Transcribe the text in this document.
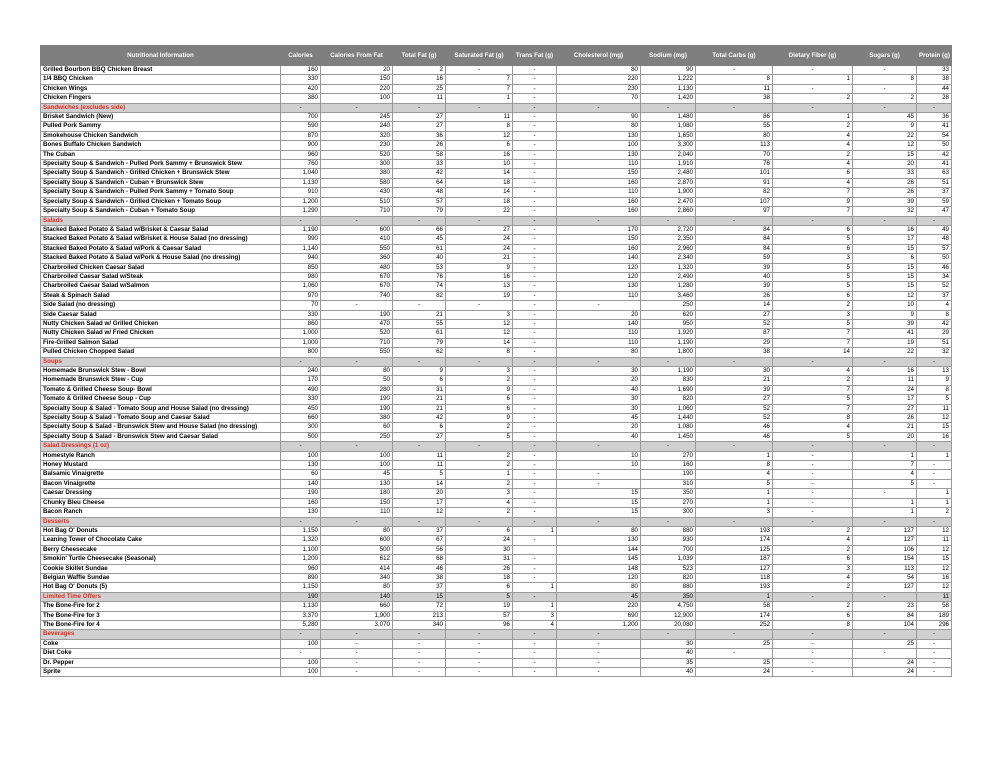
Nutritional Information	Calories	Calories From Fat	Total Fat (g)	Saturated Fat (g)	Trans Fat (g)	Cholesterol (mg)	Sodium (mg)	Total Carbs (g)	Dietary Fiber (g)	Sugars (g)	Protein (g)
Grilled Bourbon BBQ Chicken Breast	160	20	2	-	-	80	90	-	-	-	33
1/4 BBQ Chicken	330	150	16	7	-	220	1,222	8	1	8	38
Chicken Wings	420	220	25	7	-	230	1,130	11	-	-	44
Chicken Fingers	380	100	11	1	-	70	1,420	38	2	2	28
Sandwiches (excludes side)	-	-	-	-	-	-	-	-	-	-	-
Brisket Sandwich (New)	700	245	27	11	-	90	1,480	86	1	45	36
Pulled Pork Sammy	590	240	27	8	-	80	1,080	55	2	9	41
Smokehouse Chicken Sandwich	870	320	36	12	-	130	1,650	80	4	22	54
Bones Buffalo Chicken Sandwich	900	230	26	6	-	100	3,300	113	4	12	50
The Cuban	960	520	58	16	-	130	2,040	70	2	15	42
Specialty Soup & Sandwich - Pulled Pork Sammy + Brunswick Stew	760	300	33	10	-	110	1,910	76	4	20	41
Specialty Soup & Sandwich - Grilled Chicken + Brunswick Stew	1,040	380	42	14	-	150	2,480	101	6	33	63
Specialty Soup & Sandwich - Cuban + Brunswick Stew	1,130	580	64	18	-	160	2,870	91	4	26	51
Specialty Soup & Sandwich - Pulled Pork Sammy + Tomato Soup	910	430	48	14	-	110	1,900	82	7	26	37
Specialty Soup & Sandwich - Grilled Chicken + Tomato Soup	1,200	510	57	18	-	160	2,470	107	9	39	59
Specialty Soup & Sandwich - Cuban + Tomato Soup	1,290	710	79	22	-	160	2,860	97	7	32	47
Salads	-	-	-	-	-	-	-	-	-	-	-
Stacked Baked Potato & Salad w/Brisket & Caesar Salad	1,190	600	66	27	-	170	2,720	84	6	16	49
Stacked Baked Potato & Salad w/Brisket & House Salad (no dressing)	990	410	45	24	-	150	2,350	84	5	17	48
Stacked Baked Potato & Salad w/Pork & Caesar Salad	1,140	550	61	24	-	160	2,960	84	6	15	57
Stacked Baked Potato & Salad w/Pork & House Salad (no dressing)	940	360	40	21	-	140	2,340	59	3	6	50
Charbroiled Chicken Caesar Salad	850	480	53	9	-	120	1,320	39	5	15	46
Charbroiled Caesar Salad w/Steak	980	670	76	16	-	120	2,490	40	5	15	34
Charbroiled Caesar Salad w/Salmon	1,060	670	74	13	-	130	1,280	39	5	15	52
Steak & Spinach Salad	970	740	82	19	-	110	3,460	26	6	12	37
Side Salad (no dressing)	70	-	-	-	-	-	250	14	2	10	4
Side Caesar Salad	330	190	21	3	-	20	620	27	3	9	8
Nutty Chicken Salad w/ Grilled Chicken	860	470	55	12	-	140	950	52	5	39	42
Nutty Chicken Salad w/ Fried Chicken	1,000	520	61	12	-	110	1,920	87	7	41	29
Fire-Grilled Salmon Salad	1,000	710	79	14	-	110	1,190	29	7	19	51
Pulled Chicken Chopped Salad	800	550	62	8	-	80	1,800	38	14	22	32
Soups	-	-	-	-	-	-	-	-	-	-	-
Homemade Brunswick Stew - Bowl	240	80	9	3	-	30	1,190	30	4	16	13
Homemade Brunswick Stew - Cup	170	50	6	2	-	20	830	21	2	11	9
Tomato & Grilled Cheese Soup- Bowl	490	280	31	9	-	40	1,690	39	7	24	8
Tomato & Grilled Cheese Soup - Cup	330	190	21	6	-	30	820	27	5	17	5
Specialty Soup & Salad - Tomato Soup and House Salad (no dressing)	450	190	21	6	-	30	1,060	52	7	27	11
Specialty Soup & Salad - Tomato Soup and Caesar Salad	660	380	42	9	-	45	1,440	52	8	26	12
Specialty Soup & Salad - Brunswick Stew and House Salad (no dressing)	300	60	6	2	-	20	1,080	46	4	21	15
Specialty Soup & Salad - Brunswick Stew and Caesar Salad	500	250	27	5	-	40	1,450	46	5	20	16
Salad Dressings (1 oz)	-	-	-	-	-	-	-	-	-	-	-
Homestyle Ranch	100	100	11	2	-	10	270	1	-	1	1
Honey Mustard	130	100	11	2	-	10	160	8	-	7	-
Balsamic Vinaigrette	60	45	5	1	-	-	190	4	-	4	-
Bacon Vinaigrette	140	130	14	2	-	-	310	5	-	5	-
Caesar Dressing	190	180	20	3	-	15	350	1	-	-	1
Chunky Bleu Cheese	160	150	17	4	-	15	270	1	-	1	1
Bacon Ranch	130	110	12	2	-	15	300	3	-	1	2
Desserts	-	-	-	-	-	-	-	-	-	-	-
Hot Bag O' Donuts	1,150	80	37	6	1	80	880	193	2	127	12
Leaning Tower of Chocolate Cake	1,320	600	67	24	-	130	930	174	4	127	11
Berry Cheesecake	1,100	500	56	30		144	700	125	2	106	12
Smokin' Turtle Cheesecake (Seasonal)	1,200	612	68	31	-	145	1,039	187	6	154	15
Cookie Skillet Sundae	960	414	46	26	-	148	523	127	3	113	12
Belgian Waffle Sundae	890	340	38	18	-	120	820	118	4	54	16
Hot Bag O' Donuts (5)	1,150	80	37	6	1	80	880	193	2	127	12
Limited Time Offers	190	140	15	5	-	45	350	1	-	-	11
The Bone-Fire for 2	1,130	660	72	19	1	220	4,750	58	2	23	58
The Bone-Fire for 3	3,370	1,900	213	57	3	690	12,900	174	6	84	189
The Bone-Fire for 4	5,280	3,070	340	96	4	1,200	20,080	252	8	104	296
Beverages	-	-	-	-	-	-	-	-	-	-	-
Coke	100	-	-	-	-	-	30	25	-	25	-
Diet Coke	-	-	-	-	-	-	40	-	-	-	-
Dr. Pepper	100	-	-	-	-	-	35	25	-	24	-
Sprite	100	-	-	-	-	-	40	24	-	24	-
